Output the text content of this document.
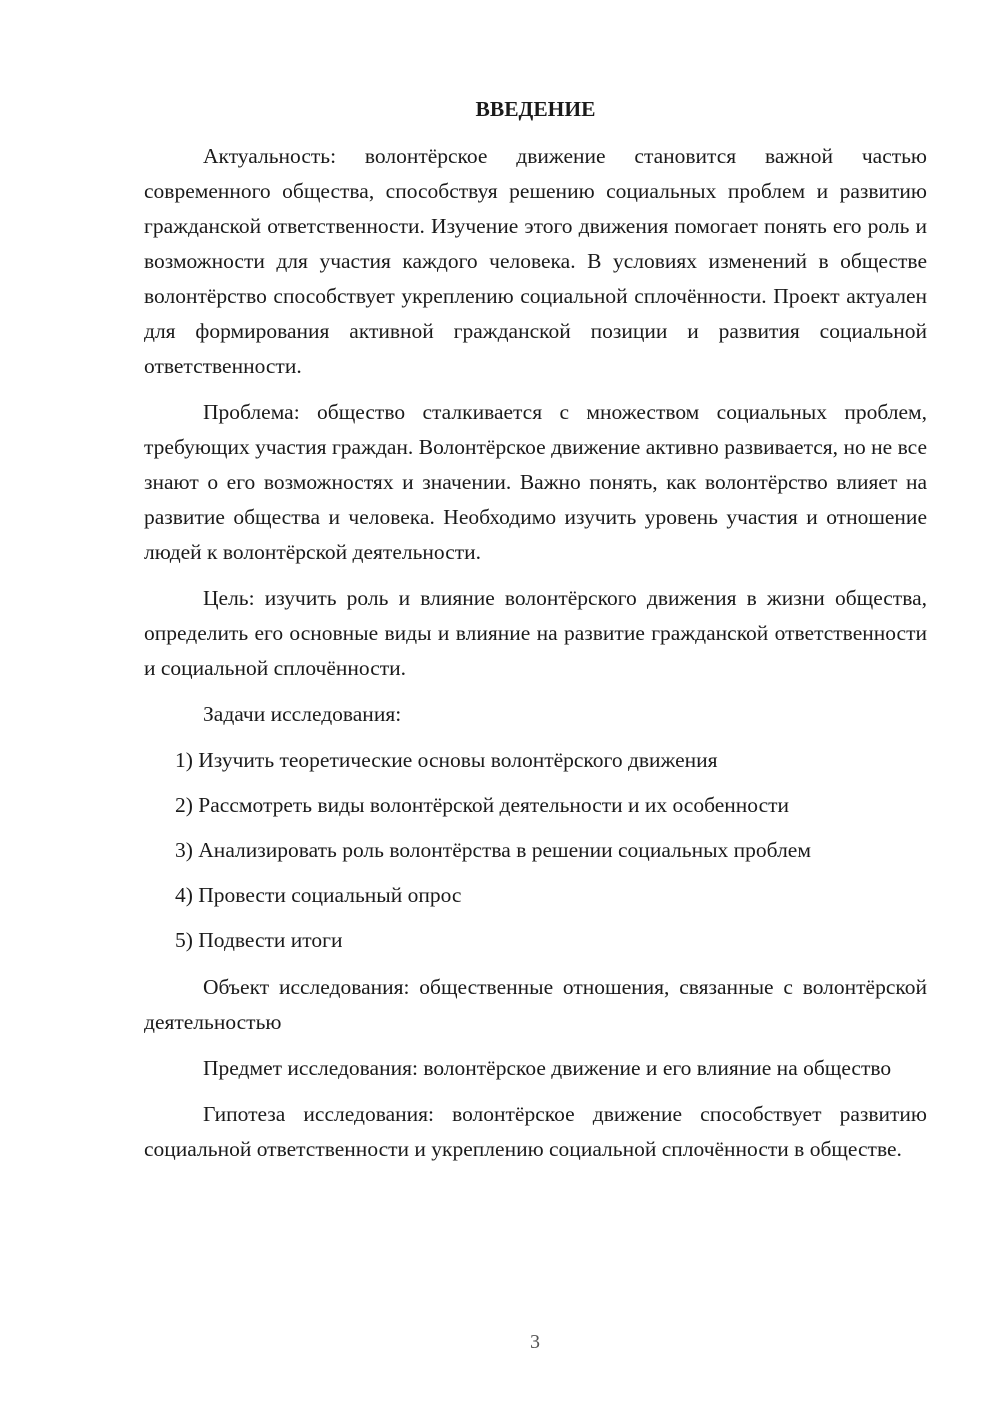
ВВЕДЕНИЕ

Актуальность: волонтёрское движение становится важной частью современного общества, способствуя решению социальных проблем и развитию гражданской ответственности. Изучение этого движения помогает понять его роль и возможности для участия каждого человека. В условиях изменений в обществе волонтёрство способствует укреплению социальной сплочённости. Проект актуален для формирования активной гражданской позиции и развития социальной ответственности.

Проблема: общество сталкивается с множеством социальных проблем, требующих участия граждан. Волонтёрское движение активно развивается, но не все знают о его возможностях и значении. Важно понять, как волонтёрство влияет на развитие общества и человека. Необходимо изучить уровень участия и отношение людей к волонтёрской деятельности.

Цель: изучить роль и влияние волонтёрского движения в жизни общества, определить его основные виды и влияние на развитие гражданской ответственности и социальной сплочённости.

Задачи исследования:

1) Изучить теоретические основы волонтёрского движения
2) Рассмотреть виды волонтёрской деятельности и их особенности
3) Анализировать роль волонтёрства в решении социальных проблем
4) Провести социальный опрос
5) Подвести итоги

Объект исследования: общественные отношения, связанные с волонтёрской деятельностью

Предмет исследования: волонтёрское движение и его влияние на общество

Гипотеза исследования: волонтёрское движение способствует развитию социальной ответственности и укреплению социальной сплочённости в обществе.

3
